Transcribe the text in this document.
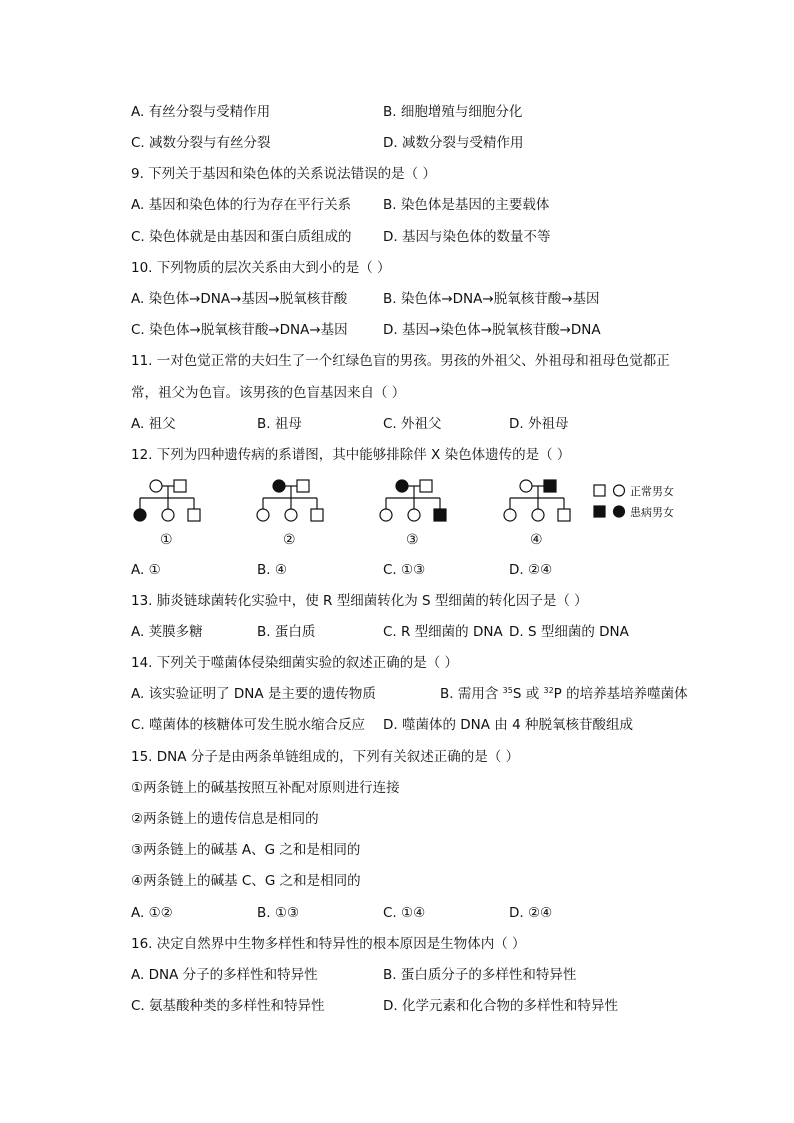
A. 有丝分裂与受精作用	B. 细胞增殖与细胞分化
C. 减数分裂与有丝分裂	D. 减数分裂与受精作用
9. 下列关于基因和染色体的关系说法错误的是（ ）
A. 基因和染色体的行为存在平行关系 B. 染色体是基因的主要载体
C. 染色体就是由基因和蛋白质组成的 D. 基因与染色体的数量不等
10. 下列物质的层次关系由大到小的是（ ）
A. 染色体→DNA→基因→脱氧核苷酸	B. 染色体→DNA→脱氧核苷酸→基因
C. 染色体→脱氧核苷酸→DNA→基因	D. 基因→染色体→脱氧核苷酸→DNA
11. 一对色觉正常的夫妇生了一个红绿色盲的男孩。男孩的外祖父、外祖母和祖母色觉都正
常，祖父为色盲。该男孩的色盲基因来自（ ）
A. 祖父	B. 祖母	C. 外祖父	D. 外祖母
12. 下列为四种遗传病的系谱图，其中能够排除伴 X 染色体遗传的是（ ）
①	②	③	④
正常男女
患病男女
A. ①	B. ④	C. ①③	D. ②④
13. 肺炎链球菌转化实验中，使 R 型细菌转化为 S 型细菌的转化因子是（ ）
A. 荚膜多糖	B. 蛋白质	C. R 型细菌的 DNA D. S 型细菌的 DNA
14. 下列关于噬菌体侵染细菌实验的叙述正确的是（ ）
A. 该实验证明了 DNA 是主要的遗传物质	B. 需用含 $^{35}$S 或 $^{32}$P 的培养基培养噬菌体
C. 噬菌体的核糖体可发生脱水缩合反应 D. 噬菌体的 DNA 由 4 种脱氧核苷酸组成
15. DNA 分子是由两条单链组成的，下列有关叙述正确的是（ ）
①两条链上的碱基按照互补配对原则进行连接
②两条链上的遗传信息是相同的
③两条链上的碱基 A、G 之和是相同的
④两条链上的碱基 C、G 之和是相同的
A. ①②	B. ①③	C. ①④	D. ②④
16. 决定自然界中生物多样性和特异性的根本原因是生物体内（ ）
A. DNA 分子的多样性和特异性	B. 蛋白质分子的多样性和特异性
C. 氨基酸种类的多样性和特异性	D. 化学元素和化合物的多样性和特异性
